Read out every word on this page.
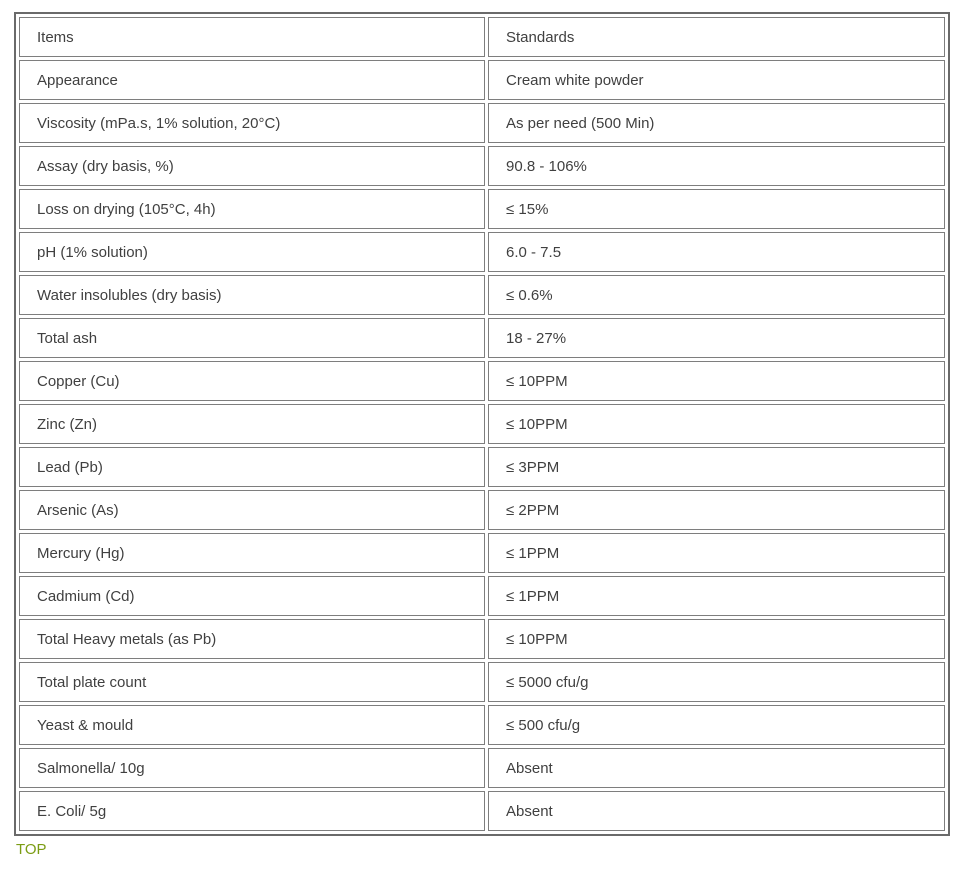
Items	Standards
Appearance	Cream white powder
Viscosity (mPa.s, 1% solution, 20°C)	As per need (500 Min)
Assay (dry basis, %)	90.8 - 106%
Loss on drying (105°C, 4h)	≤ 15%
pH (1% solution)	6.0 - 7.5
Water insolubles (dry basis)	≤ 0.6%
Total ash	18 - 27%
Copper (Cu)	≤ 10PPM
Zinc (Zn)	≤ 10PPM
Lead (Pb)	≤ 3PPM
Arsenic (As)	≤ 2PPM
Mercury (Hg)	≤ 1PPM
Cadmium (Cd)	≤ 1PPM
Total Heavy metals (as Pb)	≤ 10PPM
Total plate count	≤ 5000 cfu/g
Yeast & mould	≤ 500 cfu/g
Salmonella/ 10g	Absent
E. Coli/ 5g	Absent
TOP
